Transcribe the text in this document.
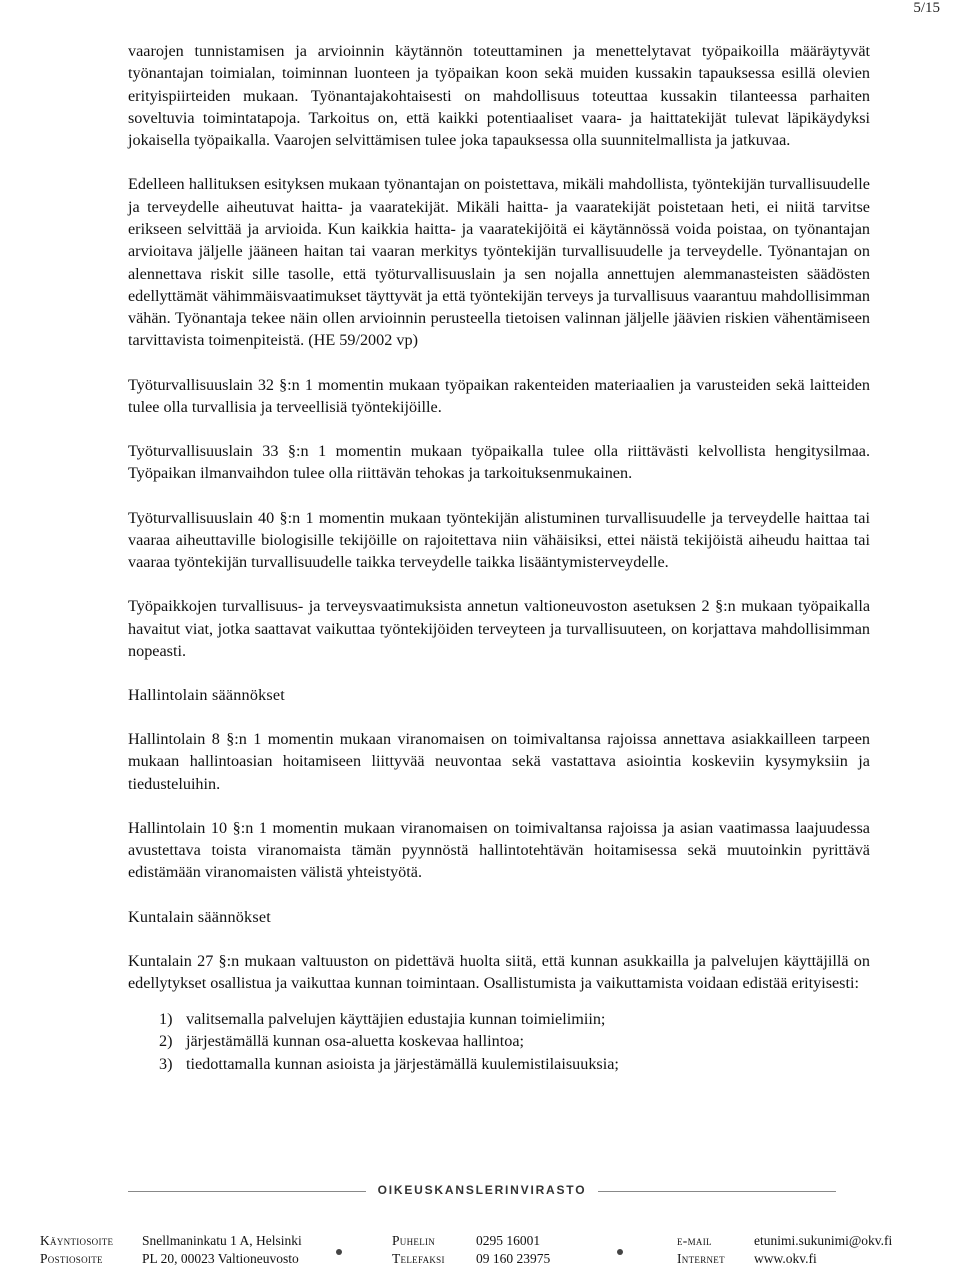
5/15

vaarojen tunnistamisen ja arvioinnin käytännön toteuttaminen ja menettelytavat työpaikoilla määräytyvät työnantajan toimialan, toiminnan luonteen ja työpaikan koon sekä muiden kussakin tapauksessa esillä olevien erityispiirteiden mukaan. Työnantajakohtaisesti on mahdollisuus toteuttaa kussakin tilanteessa parhaiten soveltuvia toimintatapoja. Tarkoitus on, että kaikki potentiaaliset vaara- ja haittatekijät tulevat läpikäydyksi jokaisella työpaikalla. Vaarojen selvittämisen tulee joka tapauksessa olla suunnitelmallista ja jatkuvaa.

Edelleen hallituksen esityksen mukaan työnantajan on poistettava, mikäli mahdollista, työntekijän turvallisuudelle ja terveydelle aiheutuvat haitta- ja vaaratekijät. Mikäli haitta- ja vaaratekijät poistetaan heti, ei niitä tarvitse erikseen selvittää ja arvioida. Kun kaikkia haitta- ja vaaratekijöitä ei käytännössä voida poistaa, on työnantajan arvioitava jäljelle jääneen haitan tai vaaran merkitys työntekijän turvallisuudelle ja terveydelle. Työnantajan on alennettava riskit sille tasolle, että työturvallisuuslain ja sen nojalla annettujen alemmanasteisten säädösten edellyttämät vähimmäisvaatimukset täyttyvät ja että työntekijän terveys ja turvallisuus vaarantuu mahdollisimman vähän. Työnantaja tekee näin ollen arvioinnin perusteella tietoisen valinnan jäljelle jäävien riskien vähentämiseen tarvittavista toimenpiteistä. (HE 59/2002 vp)

Työturvallisuuslain 32 §:n 1 momentin mukaan työpaikan rakenteiden materiaalien ja varusteiden sekä laitteiden tulee olla turvallisia ja terveellisiä työntekijöille.

Työturvallisuuslain 33 §:n 1 momentin mukaan työpaikalla tulee olla riittävästi kelvollista hengitysilmaa. Työpaikan ilmanvaihdon tulee olla riittävän tehokas ja tarkoituksenmukainen.

Työturvallisuuslain 40 §:n 1 momentin mukaan työntekijän alistuminen turvallisuudelle ja terveydelle haittaa tai vaaraa aiheuttaville biologisille tekijöille on rajoitettava niin vähäisiksi, ettei näistä tekijöistä aiheudu haittaa tai vaaraa työntekijän turvallisuudelle taikka terveydelle taikka lisääntymisterveydelle.

Työpaikkojen turvallisuus- ja terveysvaatimuksista annetun valtioneuvoston asetuksen 2 §:n mukaan työpaikalla havaitut viat, jotka saattavat vaikuttaa työntekijöiden terveyteen ja turvallisuuteen, on korjattava mahdollisimman nopeasti.

Hallintolain säännökset

Hallintolain 8 §:n 1 momentin mukaan viranomaisen on toimivaltansa rajoissa annettava asiakkailleen tarpeen mukaan hallintoasian hoitamiseen liittyvää neuvontaa sekä vastattava asiointia koskeviin kysymyksiin ja tiedusteluihin.

Hallintolain 10 §:n 1 momentin mukaan viranomaisen on toimivaltansa rajoissa ja asian vaatimassa laajuudessa avustettava toista viranomaista tämän pyynnöstä hallintotehtävän hoitamisessa sekä muutoinkin pyrittävä edistämään viranomaisten välistä yhteistyötä.

Kuntalain säännökset

Kuntalain 27 §:n mukaan valtuuston on pidettävä huolta siitä, että kunnan asukkailla ja palvelujen käyttäjillä on edellytykset osallistua ja vaikuttaa kunnan toimintaan. Osallistumista ja vaikuttamista voidaan edistää erityisesti:

1) valitsemalla palvelujen käyttäjien edustajia kunnan toimielimiin;
2) järjestämällä kunnan osa-aluetta koskevaa hallintoa;
3) tiedottamalla kunnan asioista ja järjestämällä kuulemistilaisuuksia;
OIKEUSKANSLERINVIRASTO
Käyntiosoite Snellmaninkatu 1 A, Helsinki
Postiosoite	PL 20, 00023 Valtioneuvosto
Puhelin	0295 16001
Telefaksi 09 160 23975
e-mail	etunimi.sukunimi@okv.fi
Internet www.okv.fi
